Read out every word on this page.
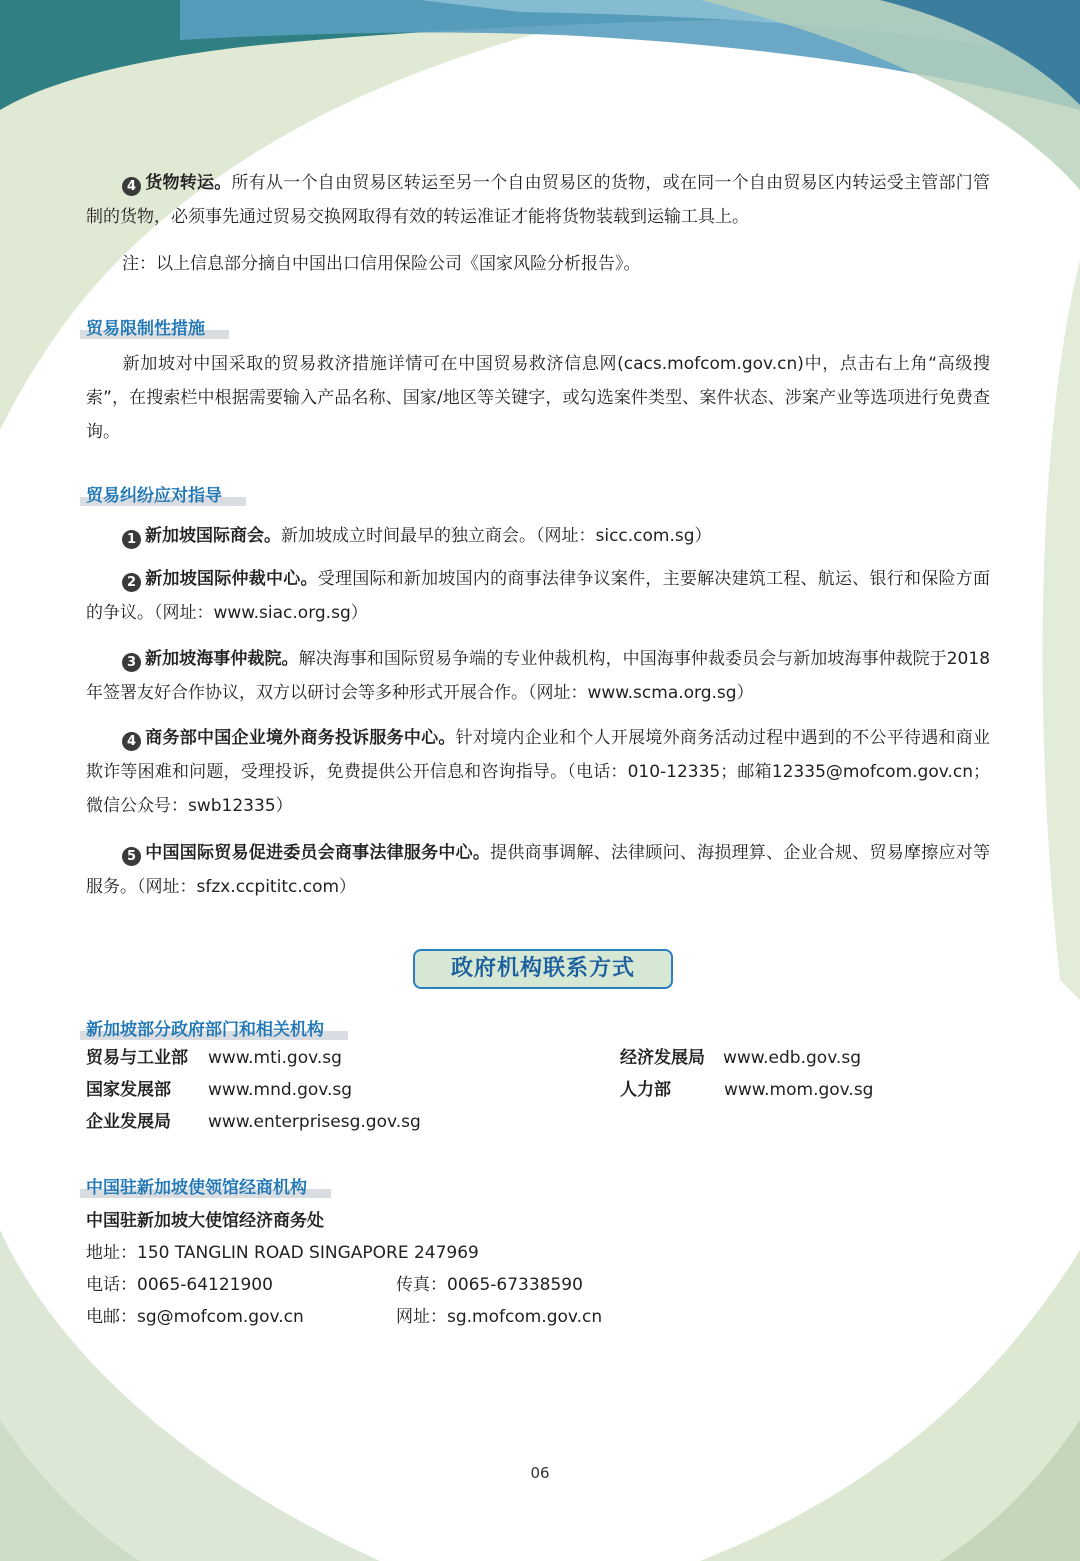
4 货物转运。所有从一个自由贸易区转运至另一个自由贸易区的货物，或在同一个自由贸易区内转运受主管部门管制的货物，必须事先通过贸易交换网取得有效的转运准证才能将货物装载到运输工具上。

注：以上信息部分摘自中国出口信用保险公司《国家风险分析报告》。

贸易限制性措施

新加坡对中国采取的贸易救济措施详情可在中国贸易救济信息网(cacs.mofcom.gov.cn)中，点击右上角“高级搜索”，在搜索栏中根据需要输入产品名称、国家/地区等关键字，或勾选案件类型、案件状态、涉案产业等选项进行免费查询。

贸易纠纷应对指导

1 新加坡国际商会。新加坡成立时间最早的独立商会。（网址：sicc.com.sg）

2 新加坡国际仲裁中心。受理国际和新加坡国内的商事法律争议案件，主要解决建筑工程、航运、银行和保险方面的争议。（网址：www.siac.org.sg）

3 新加坡海事仲裁院。解决海事和国际贸易争端的专业仲裁机构，中国海事仲裁委员会与新加坡海事仲裁院于2018年签署友好合作协议，双方以研讨会等多种形式开展合作。（网址：www.scma.org.sg）

4 商务部中国企业境外商务投诉服务中心。针对境内企业和个人开展境外商务活动过程中遇到的不公平待遇和商业欺诈等困难和问题，受理投诉，免费提供公开信息和咨询指导。（电话：010-12335；邮箱12335@mofcom.gov.cn；微信公众号：swb12335）

5 中国国际贸易促进委员会商事法律服务中心。提供商事调解、法律顾问、海损理算、企业合规、贸易摩擦应对等服务。（网址：sfzx.ccpititc.com）

政府机构联系方式
新加坡部分政府部门和相关机构
贸易与工业部 www.mti.gov.sg	经济发展局 www.edb.gov.sg
国家发展部 www.mnd.gov.sg	人力部	www.mom.gov.sg
企业发展局 www.enterprisesg.gov.sg
中国驻新加坡使领馆经商机构
中国驻新加坡大使馆经济商务处
地址：150 TANGLIN ROAD SINGAPORE 247969
电话：0065-64121900	传真：0065-67338590
电邮：sg@mofcom.gov.cn	网址：sg.mofcom.gov.cn
06
